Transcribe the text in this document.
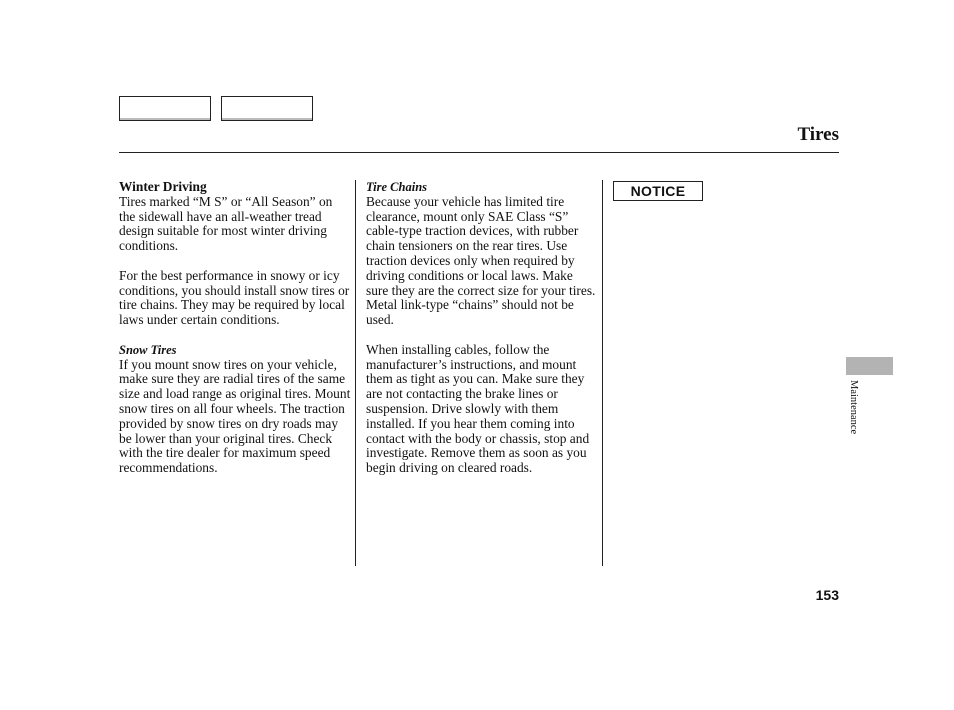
Tires
Winter Driving

Tires marked “M S” or “All Season” on the sidewall have an all-weather tread design suitable for most winter driving conditions.

For the best performance in snowy or icy conditions, you should install snow tires or tire chains. They may be required by local laws under certain conditions.

Snow Tires

If you mount snow tires on your vehicle, make sure they are radial tires of the same size and load range as original tires. Mount snow tires on all four wheels. The traction provided by snow tires on dry roads may be lower than your original tires. Check with the tire dealer for maximum speed recommendations.

Tire Chains

Because your vehicle has limited tire clearance, mount only SAE Class “S” cable-type traction devices, with rubber chain tensioners on the rear tires. Use traction devices only when required by driving conditions or local laws. Make sure they are the correct size for your tires. Metal link-type “chains” should not be used.

When installing cables, follow the manufacturer’s instructions, and mount them as tight as you can. Make sure they are not contacting the brake lines or suspension. Drive slowly with them installed. If you hear them coming into contact with the body or chassis, stop and investigate. Remove them as soon as you begin driving on cleared roads.

NOTICE
Maintenance
153
